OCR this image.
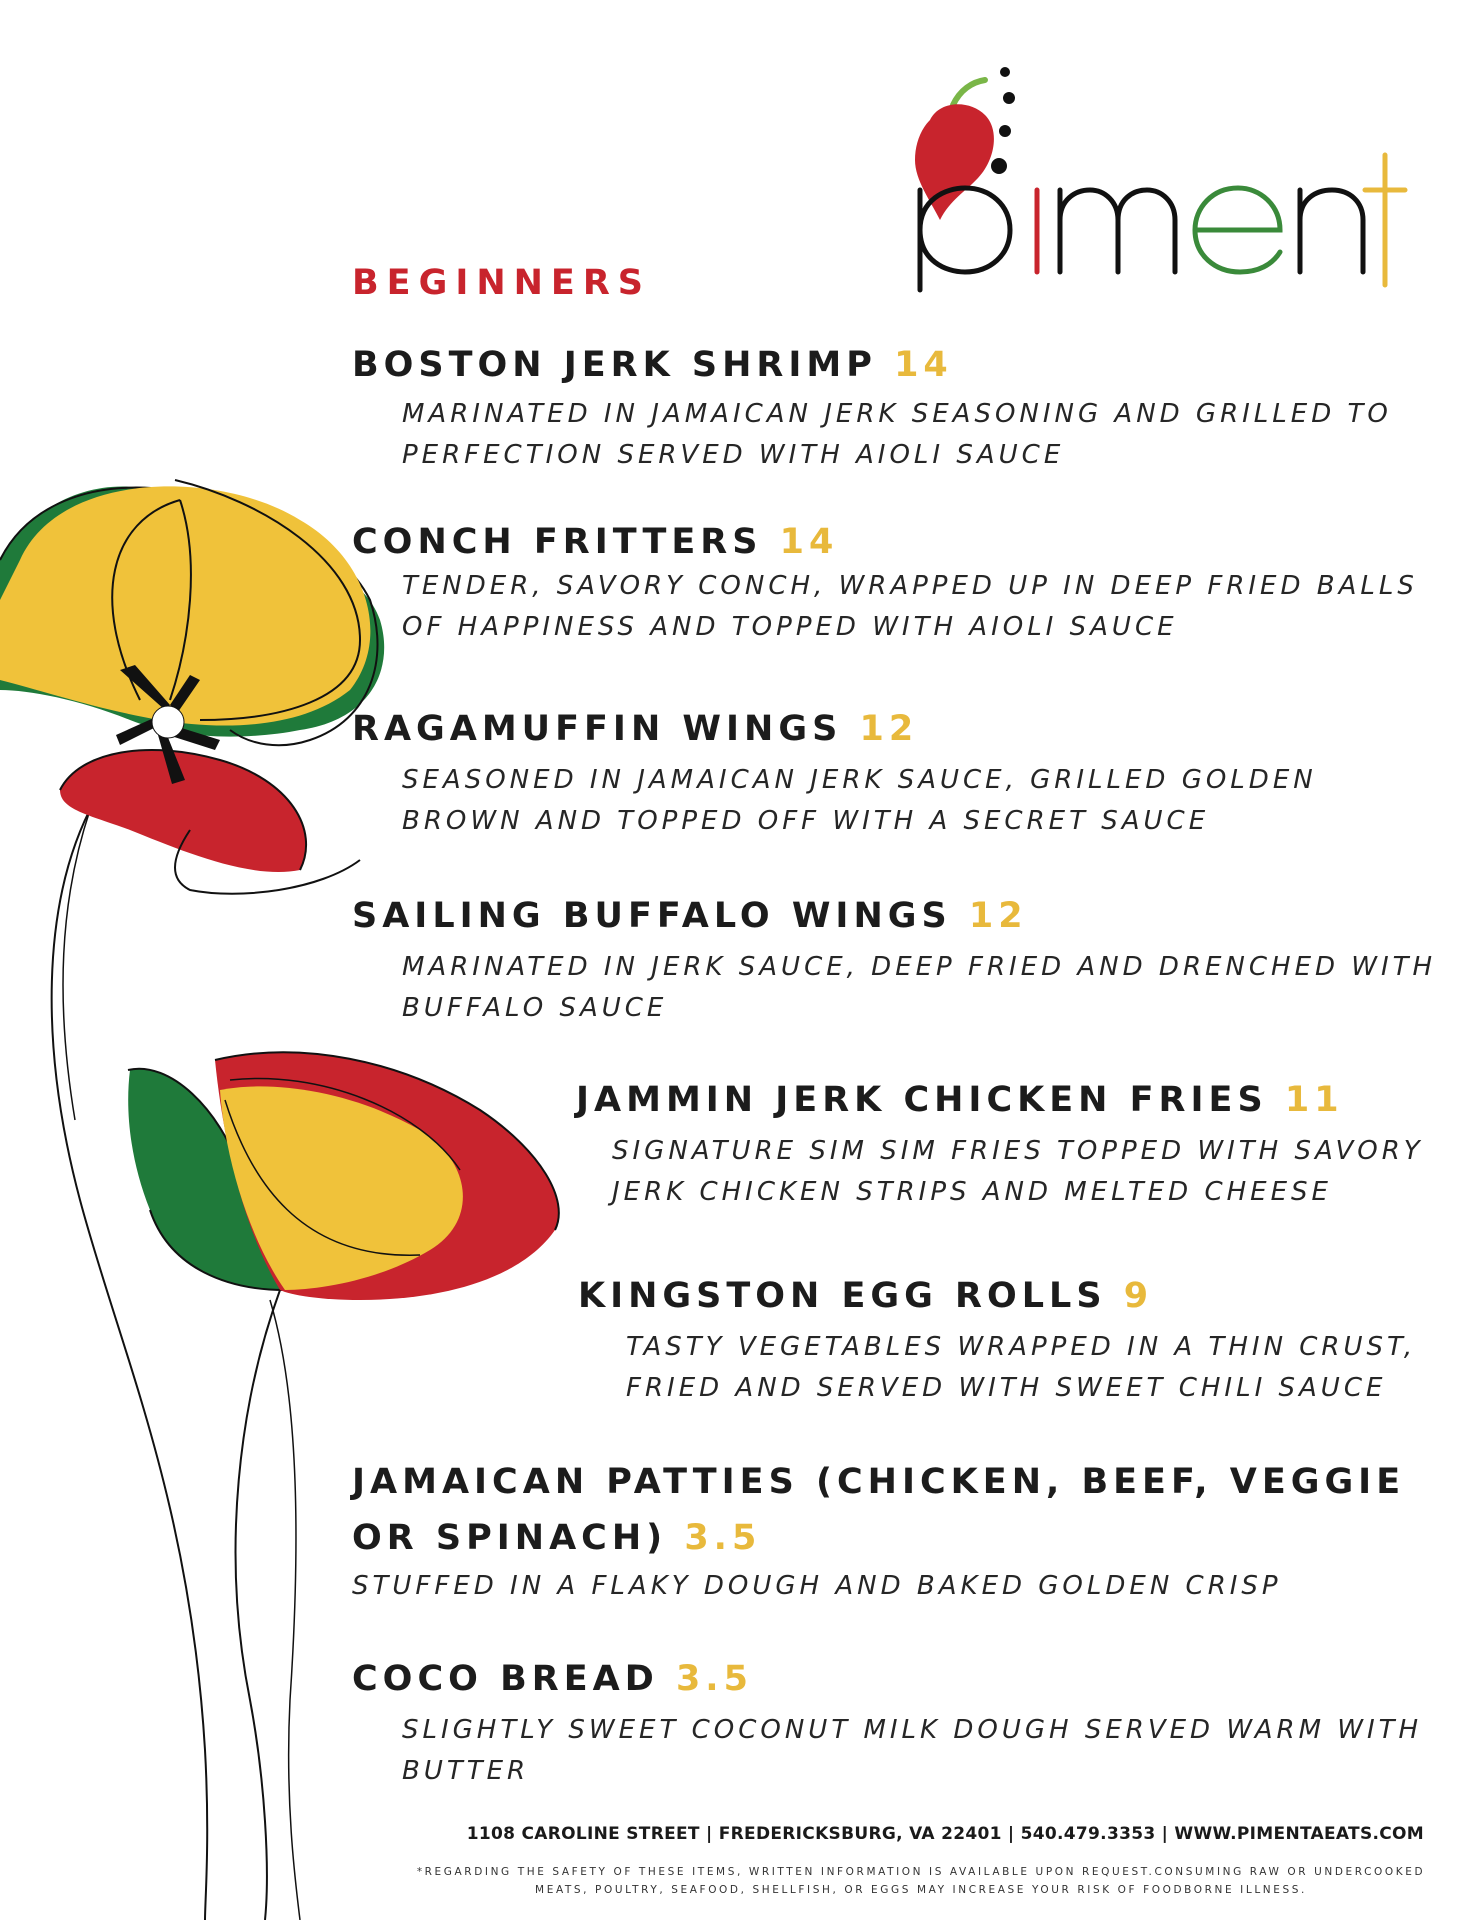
BEGINNERS

BOSTON JERK SHRIMP 14

MARINATED IN JAMAICAN JERK SEASONING AND GRILLED TO

PERFECTION SERVED WITH AIOLI SAUCE

CONCH FRITTERS 14

TENDER, SAVORY CONCH, WRAPPED UP IN DEEP FRIED BALLS

OF HAPPINESS AND TOPPED WITH AIOLI SAUCE

RAGAMUFFIN WINGS 12

SEASONED IN JAMAICAN JERK SAUCE, GRILLED GOLDEN

BROWN AND TOPPED OFF WITH A SECRET SAUCE

SAILING BUFFALO WINGS 12

MARINATED IN JERK SAUCE, DEEP FRIED AND DRENCHED WITH

BUFFALO SAUCE

JAMMIN JERK CHICKEN FRIES 11

SIGNATURE SIM SIM FRIES TOPPED WITH SAVORY

JERK CHICKEN STRIPS AND MELTED CHEESE

KINGSTON EGG ROLLS 9

TASTY VEGETABLES WRAPPED IN A THIN CRUST,

FRIED AND SERVED WITH SWEET CHILI SAUCE

JAMAICAN PATTIES (CHICKEN, BEEF, VEGGIE OR SPINACH) 3.5

STUFFED IN A FLAKY DOUGH AND BAKED GOLDEN CRISP

COCO BREAD 3.5

SLIGHTLY SWEET COCONUT MILK DOUGH SERVED WARM WITH

BUTTER

1108 CAROLINE STREET | FREDERICKSBURG, VA 22401 | 540.479.3353 | WWW.PIMENTAEATS.COM

*REGARDING THE SAFETY OF THESE ITEMS, WRITTEN INFORMATION IS AVAILABLE UPON REQUEST.CONSUMING RAW OR UNDERCOOKED MEATS, POULTRY, SEAFOOD, SHELLFISH, OR EGGS MAY INCREASE YOUR RISK OF FOODBORNE ILLNESS.
